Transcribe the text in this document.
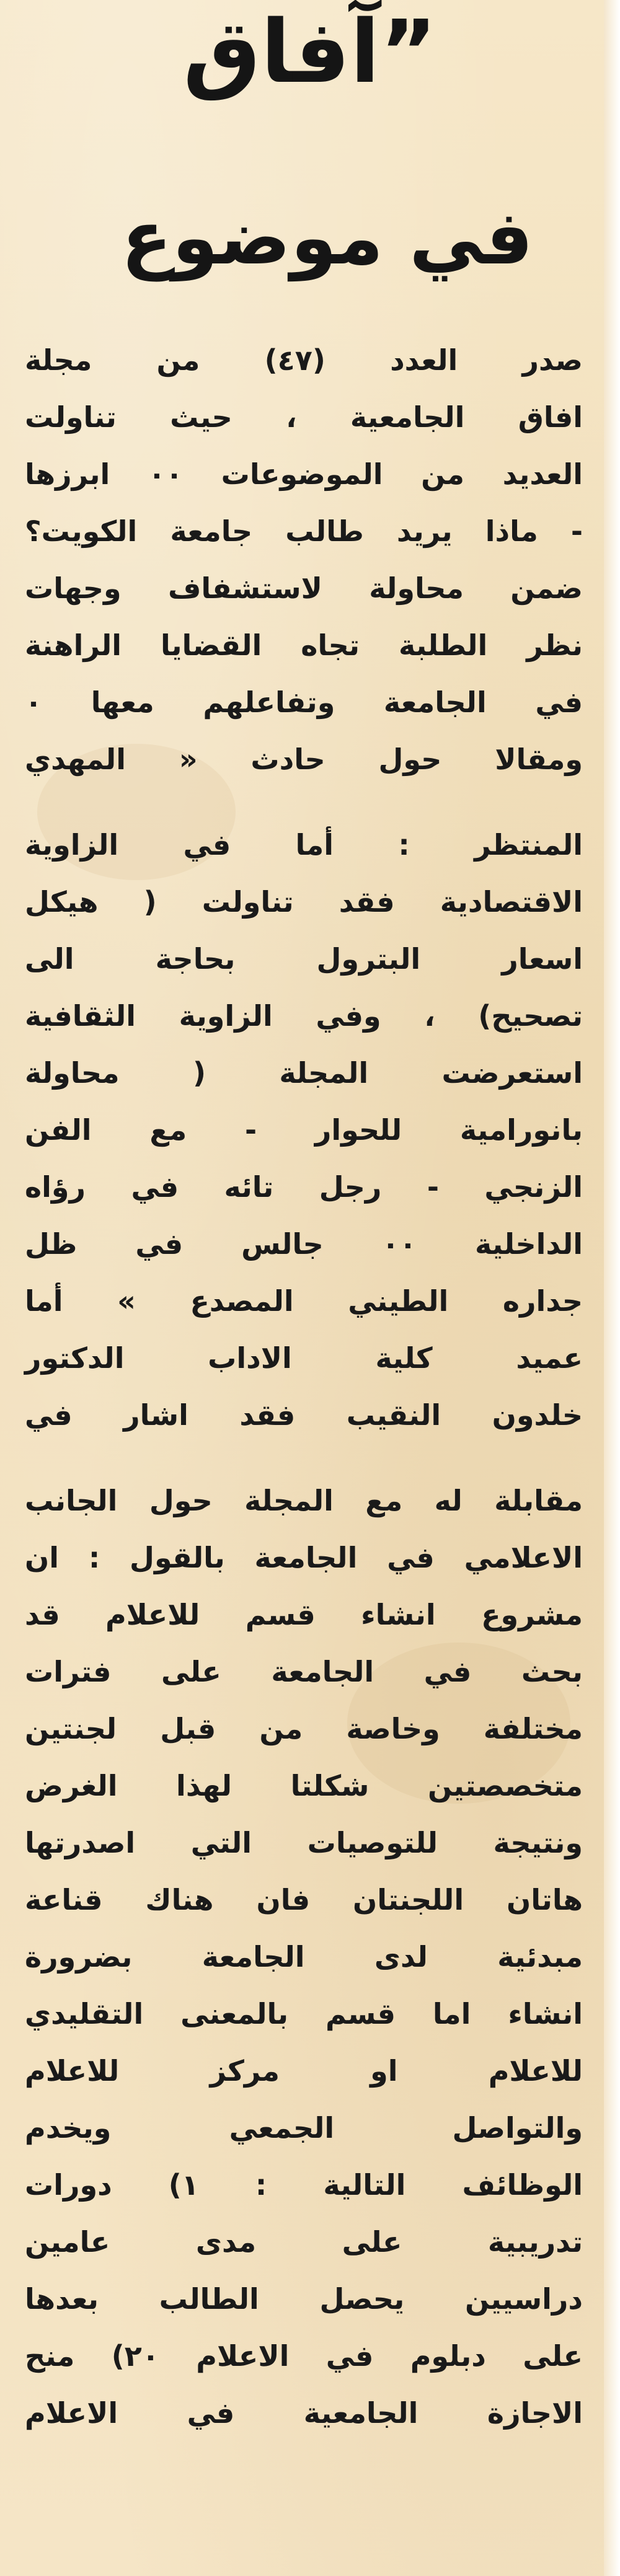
”آفاق
في موضوع
صدر العدد (٤٧) من مجلة
افاق الجامعية ، حيث تناولت
العديد من الموضوعات ٠٠ ابرزها
- ماذا يريد طالب جامعة الكويت؟
ضمن محاولة لاستشفاف وجهات
نظر الطلبة تجاه القضايا الراهنة
في الجامعة وتفاعلهم معها ٠
ومقالا حول حادث « المهدي
المنتظر : أما في الزاوية
الاقتصادية فقد تناولت ( هيكل
اسعار البترول بحاجة الى
تصحيح) ، وفي الزاوية الثقافية
استعرضت المجلة ( محاولة
بانورامية للحوار - مع الفن
الزنجي - رجل تائه في رؤاه
الداخلية ٠٠ جالس في ظل
جداره الطيني المصدع » أما
عميد كلية الاداب الدكتور
خلدون النقيب فقد اشار في
مقابلة له مع المجلة حول الجانب
الاعلامي في الجامعة بالقول : ان
مشروع انشاء قسم للاعلام قد
بحث في الجامعة على فترات
مختلفة وخاصة من قبل لجنتين
متخصصتين شكلتا لهذا الغرض
ونتيجة للتوصيات التي اصدرتها
هاتان اللجنتان فان هناك قناعة
مبدئية لدى الجامعة بضرورة
انشاء اما قسم بالمعنى التقليدي
للاعلام او مركز للاعلام
والتواصل الجمعي ويخدم
الوظائف التالية : ١) دورات
تدريبية على مدى عامين
دراسيين يحصل الطالب بعدها
على دبلوم في الاعلام ٢٠) منح
الاجازة الجامعية في الاعلام
